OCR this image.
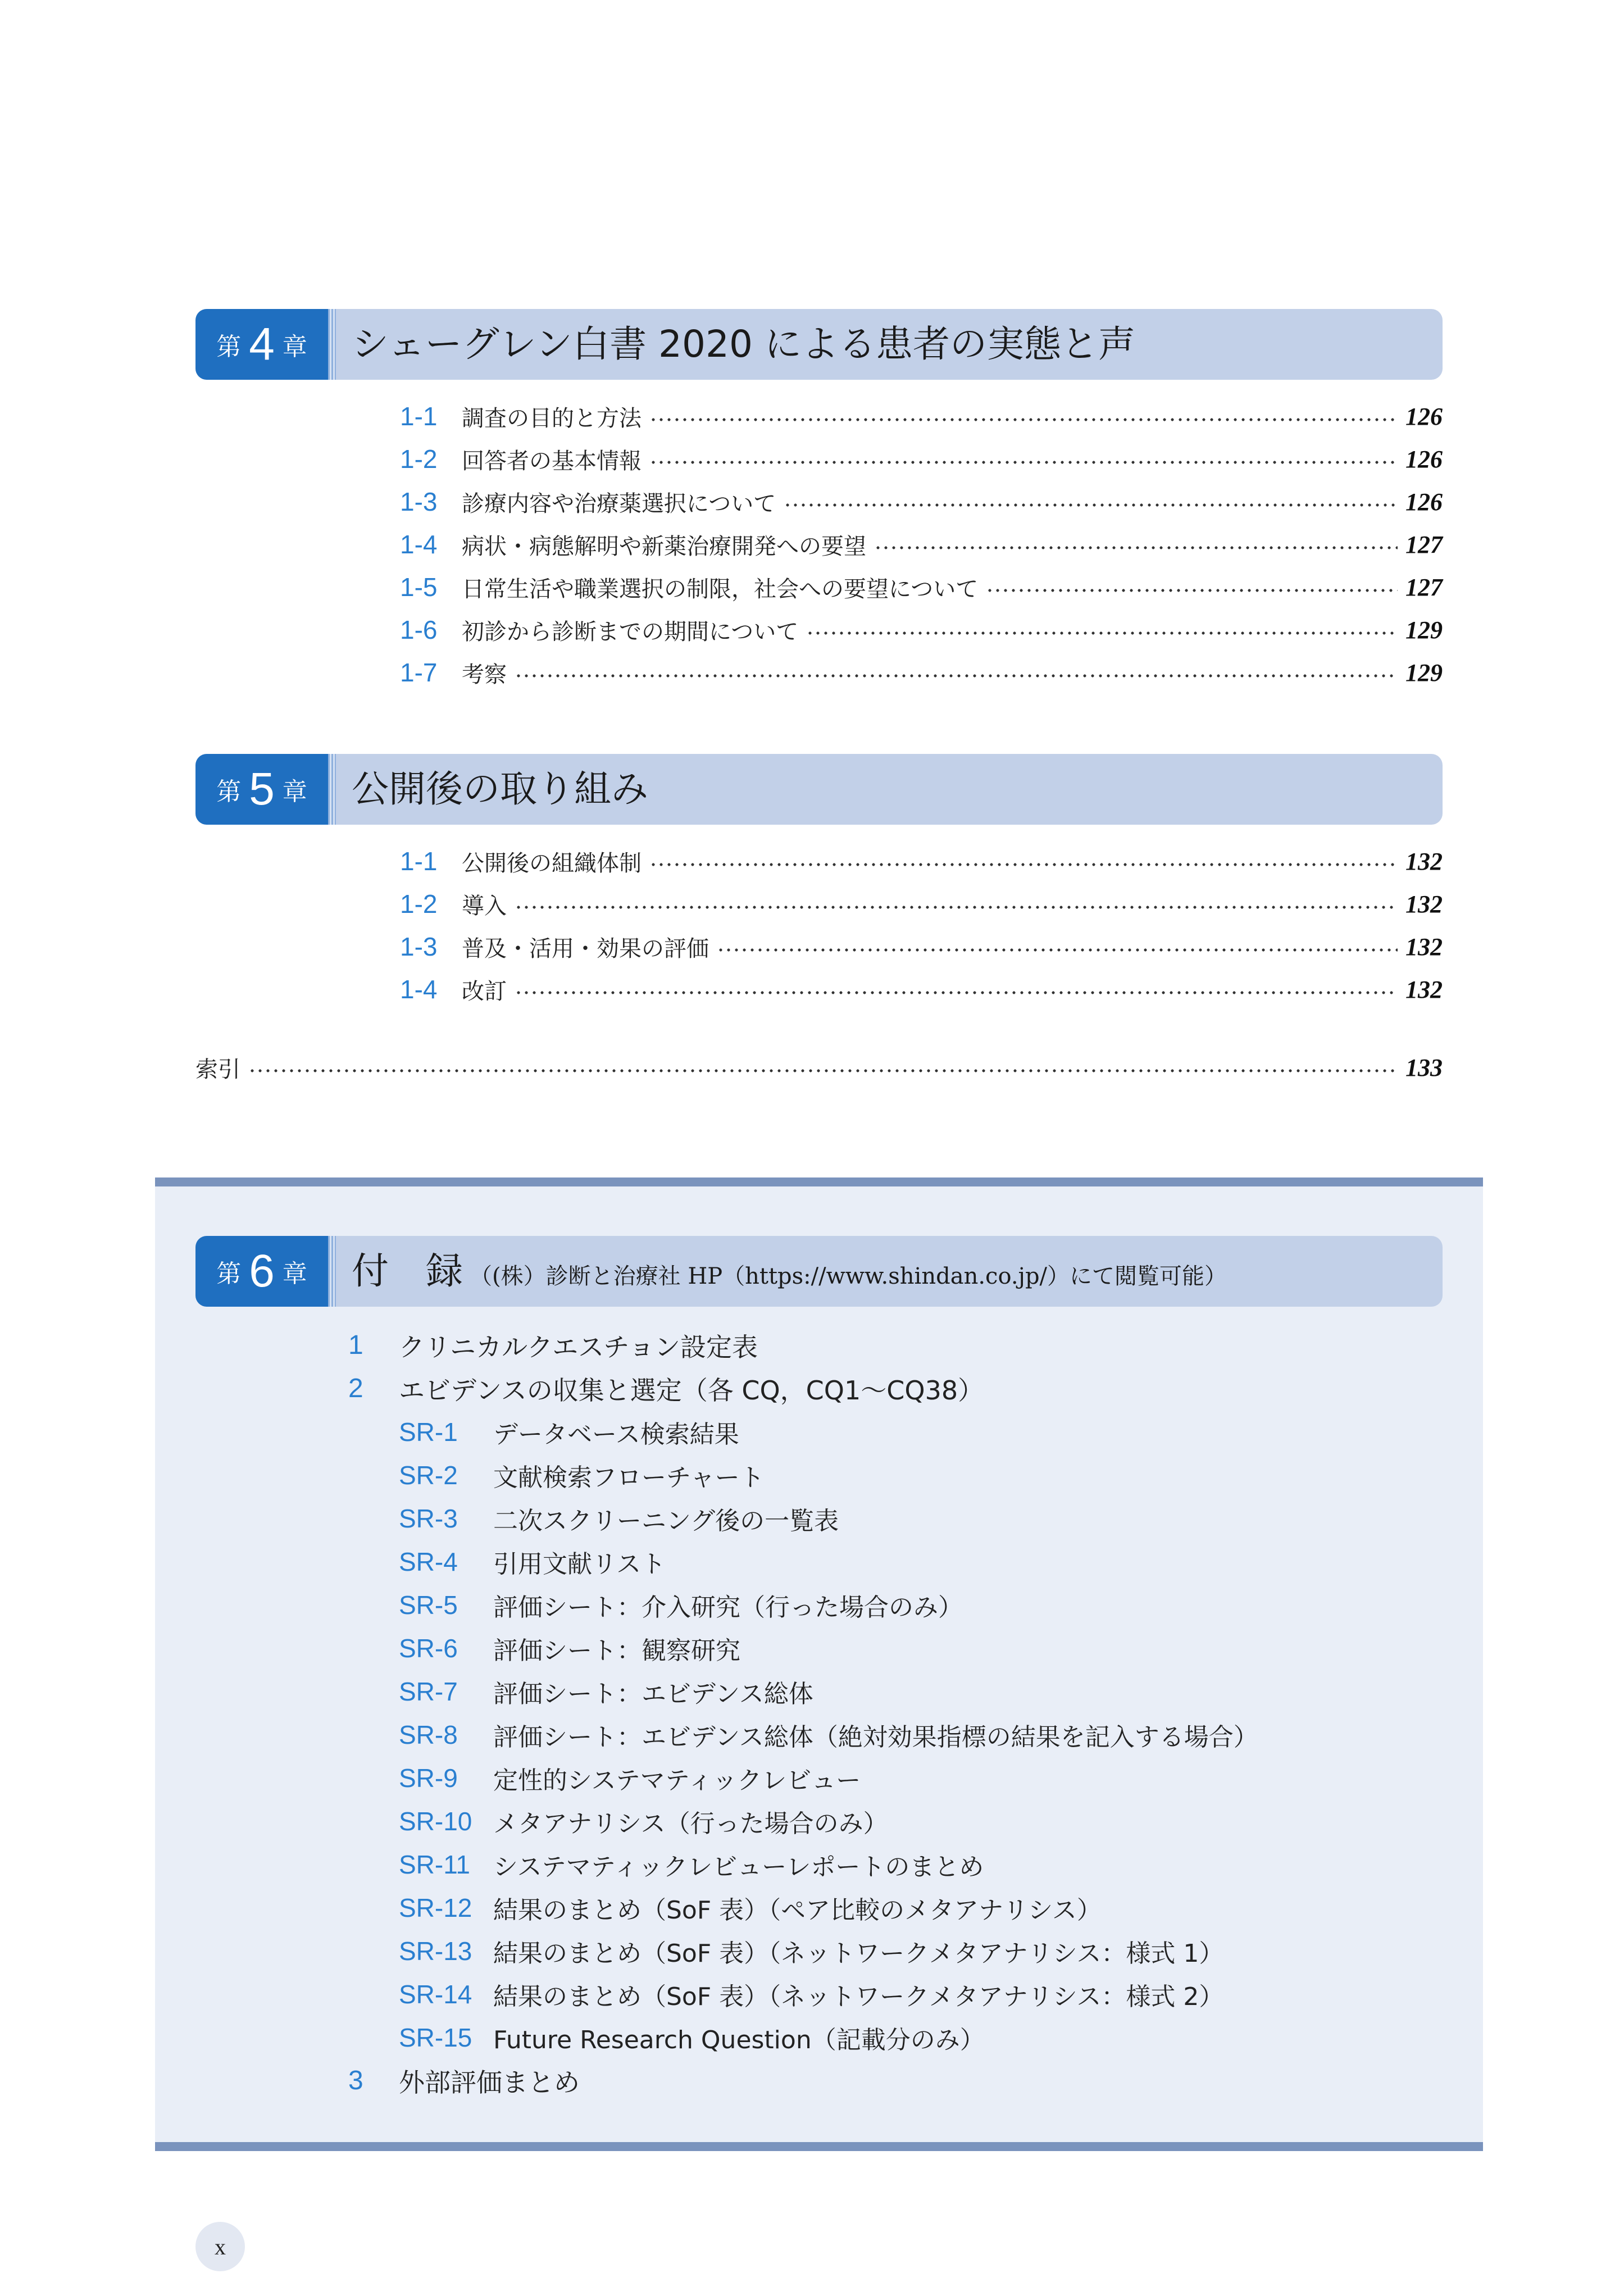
第 4 章 シェーグレン白書 2020 による患者の実態と声
1-1	調査の目的と方法	126
1-2	回答者の基本情報	126
1-3	診療内容や治療薬選択について	126
1-4	病状・病態解明や新薬治療開発への要望	127
1-5	日常生活や職業選択の制限，社会への要望について	127
1-6	初診から診断までの期間について	129
1-7	考察	129
第 5 章 公開後の取り組み
1-1	公開後の組織体制	132
1-2	導入	132
1-3	普及・活用・効果の評価	132
1-4	改訂	132
索引	133
第 6 章 付　録 （(株）診断と治療社 HP（https://www.shindan.co.jp/）にて閲覧可能）
1	クリニカルクエスチョン設定表
2	エビデンスの収集と選定（各 CQ，CQ1〜CQ38）
SR-1	データベース検索結果
SR-2	文献検索フローチャート
SR-3	二次スクリーニング後の一覧表
SR-4	引用文献リスト
SR-5	評価シート：介入研究（行った場合のみ）
SR-6	評価シート：観察研究
SR-7	評価シート：エビデンス総体
SR-8	評価シート：エビデンス総体（絶対効果指標の結果を記入する場合）
SR-9	定性的システマティックレビュー
SR-10 メタアナリシス（行った場合のみ）
SR-11 システマティックレビューレポートのまとめ
SR-12 結果のまとめ（SoF 表）（ペア比較のメタアナリシス）
SR-13 結果のまとめ（SoF 表）（ネットワークメタアナリシス：様式 1）
SR-14 結果のまとめ（SoF 表）（ネットワークメタアナリシス：様式 2）
SR-15 Future Research Question（記載分のみ）
3	外部評価まとめ
x
